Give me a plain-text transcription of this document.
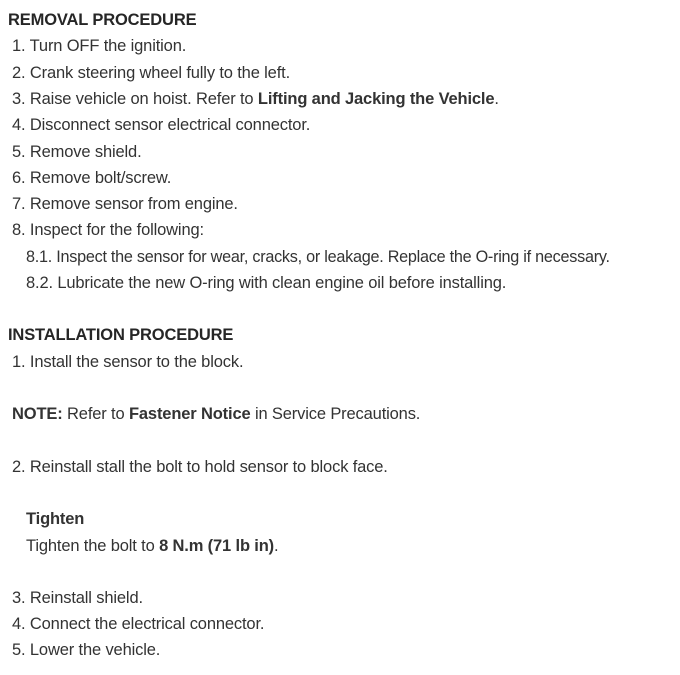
REMOVAL PROCEDURE
1. Turn OFF the ignition.
2. Crank steering wheel fully to the left.
3. Raise vehicle on hoist. Refer to Lifting and Jacking the Vehicle.
4. Disconnect sensor electrical connector.
5. Remove shield.
6. Remove bolt/screw.
7. Remove sensor from engine.
8. Inspect for the following:
8.1. Inspect the sensor for wear, cracks, or leakage. Replace the O-ring if necessary.
8.2. Lubricate the new O-ring with clean engine oil before installing.
INSTALLATION PROCEDURE
1. Install the sensor to the block.
NOTE: Refer to Fastener Notice in Service Precautions.
2. Reinstall stall the bolt to hold sensor to block face.
Tighten
Tighten the bolt to 8 N.m (71 lb in).
3. Reinstall shield.
4. Connect the electrical connector.
5. Lower the vehicle.
